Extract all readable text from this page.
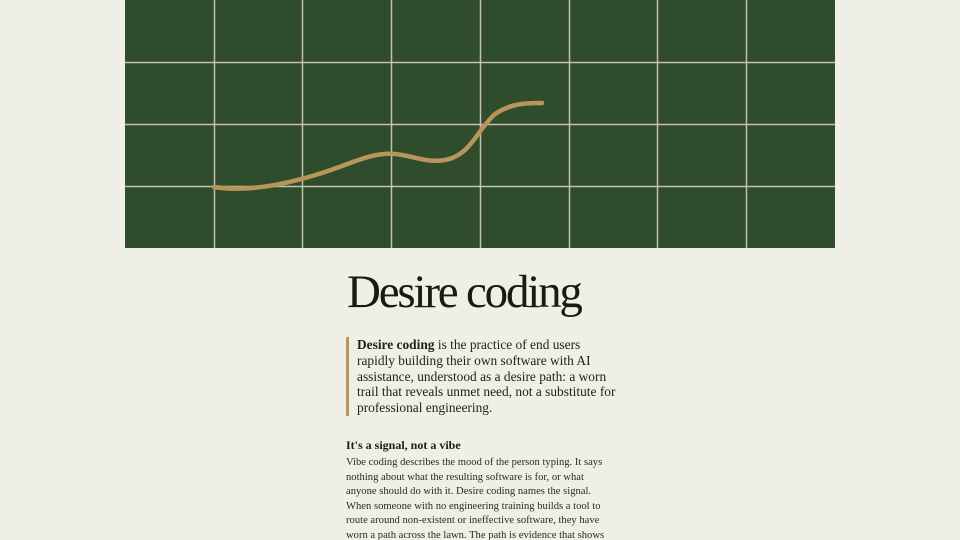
Desire coding
Desire coding is the practice of end users rapidly building their own software with AI assistance, understood as a desire path: a worn trail that reveals unmet need, not a substitute for professional engineering.
It's a signal, not a vibe

Vibe coding describes the mood of the person typing. It says nothing about what the resulting software is for, or what anyone should do with it. Desire coding names the signal. When someone with no engineering training builds a tool to route around non-existent or ineffective software, they have worn a path across the lawn. The path is evidence that shows
